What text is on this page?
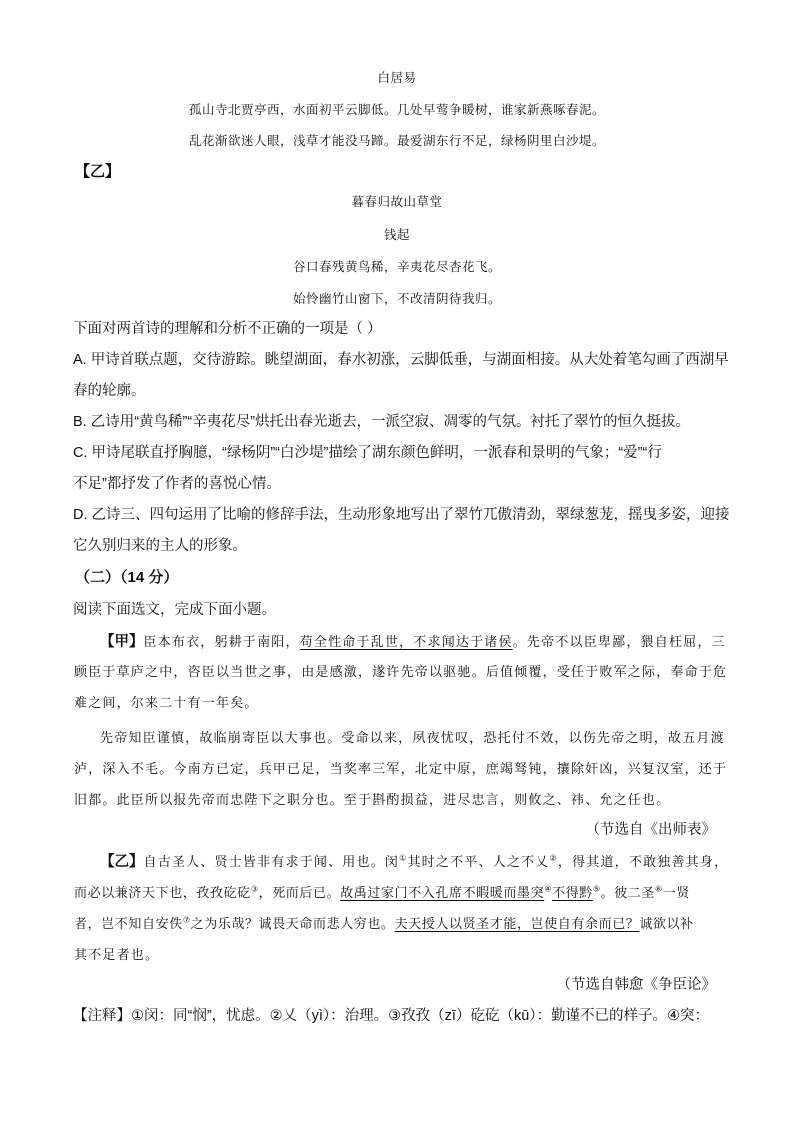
白居易
孤山寺北贾亭西，水面初平云脚低。几处早莺争暖树，谁家新燕啄春泥。
乱花渐欲迷人眼，浅草才能没马蹄。最爱湖东行不足，绿杨阴里白沙堤。
【乙】
暮春归故山草堂
钱起
谷口春残黄鸟稀，辛夷花尽杏花飞。
始怜幽竹山窗下，不改清阴待我归。
下面对两首诗的理解和分析不正确的一项是（ ）
A. 甲诗首联点题，交待游踪。眺望湖面，春水初涨，云脚低垂，与湖面相接。从大处着笔勾画了西湖早
春的轮廓。
B. 乙诗用“黄鸟稀”“辛夷花尽”烘托出春光逝去，一派空寂、凋零的气氛。衬托了翠竹的恒久挺拔。
C. 甲诗尾联直抒胸臆，“绿杨阴”“白沙堤”描绘了湖东颜色鲜明，一派春和景明的气象；“爱”“行
不足”都抒发了作者的喜悦心情。
D. 乙诗三、四句运用了比喻的修辞手法，生动形象地写出了翠竹兀傲清劲，翠绿葱茏，摇曳多姿，迎接
它久别归来的主人的形象。
（二）（14 分）
阅读下面选文，完成下面小题。
【甲】臣本布衣，躬耕于南阳，苟全性命于乱世，不求闻达于诸侯。先帝不以臣卑鄙，猥自枉屈，三
顾臣于草庐之中，咨臣以当世之事，由是感激，遂许先帝以驱驰。后值倾覆，受任于败军之际，奉命于危
难之间，尔来二十有一年矣。
先帝知臣谨慎，故临崩寄臣以大事也。受命以来，夙夜忧叹，恐托付不效，以伤先帝之明，故五月渡
泸，深入不毛。今南方已定，兵甲已足，当奖率三军，北定中原，庶竭驽钝，攘除奸凶，兴复汉室，还于
旧都。此臣所以报先帝而忠陛下之职分也。至于斟酌损益，进尽忠言，则攸之、祎、允之任也。
（节选自《出师表》
【乙】自古圣人、贤士皆非有求于闻、用也。闵①其时之不平、人之不乂②，得其道，不敢独善其身，
而必以兼济天下也，孜孜矻矻③，死而后已。故禹过家门不入孔席不暇暖而墨突④不得黔⑤。彼二圣⑥一贤
者，岂不知自安佚⑦之为乐哉？诚畏天命而悲人穷也。夫天授人以贤圣才能，岂使自有余而已？诚欲以补
其不足者也。
（节选自韩愈《争臣论》
【注释】①闵：同“悯”，忧虑。②乂（yì）：治理。③孜孜（zī）矻矻（kū）：勤谨不已的样子。④突：
